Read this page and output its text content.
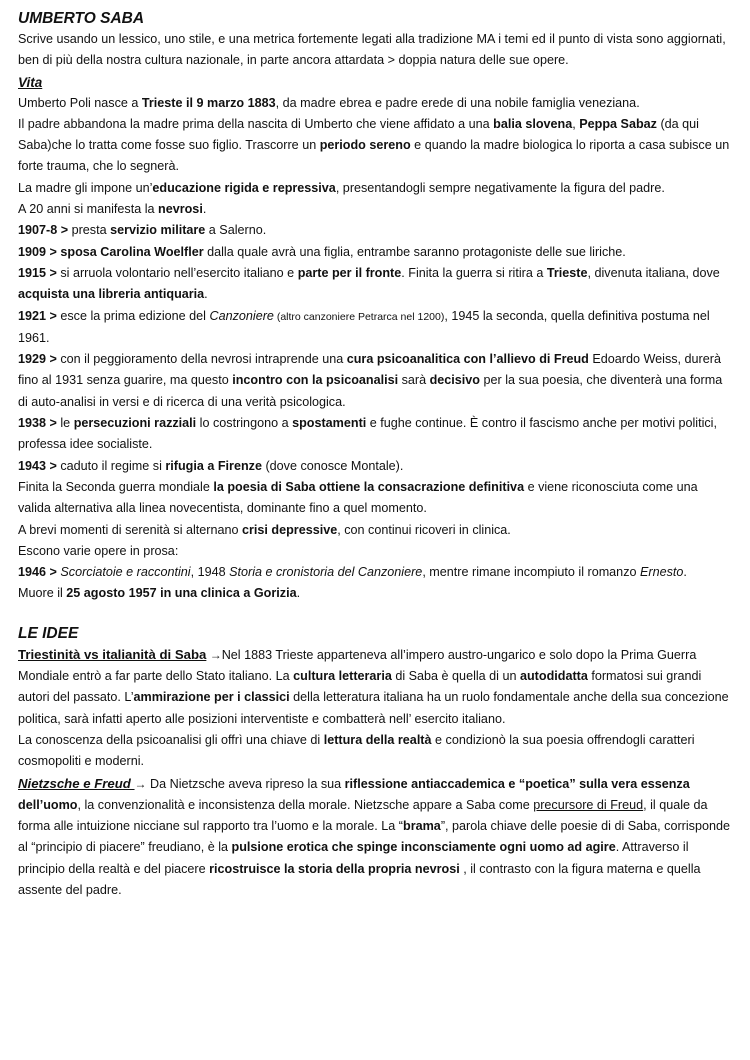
UMBERTO SABA

Scrive usando un lessico, uno stile, e una metrica fortemente legati alla tradizione MA i temi ed il punto di vista sono aggiornati, ben di più della nostra cultura nazionale, in parte ancora attardata > doppia natura delle sue opere.

Vita

Umberto Poli nasce a Trieste il 9 marzo 1883, da madre ebrea e padre erede di una nobile famiglia veneziana.

Il padre abbandona la madre prima della nascita di Umberto che viene affidato a una balia slovena, Peppa Sabaz (da qui Saba)che lo tratta come fosse suo figlio. Trascorre un periodo sereno e quando la madre biologica lo riporta a casa subisce un forte trauma, che lo segnerà.

La madre gli impone un’educazione rigida e repressiva, presentandogli sempre negativamente la figura del padre.

A 20 anni si manifesta la nevrosi.

1907-8 > presta servizio militare a Salerno.

1909 > sposa Carolina Woelfler dalla quale avrà una figlia, entrambe saranno protagoniste delle sue liriche.

1915 > si arruola volontario nell’esercito italiano e parte per il fronte. Finita la guerra si ritira a Trieste, divenuta italiana, dove acquista una libreria antiquaria.

1921 > esce la prima edizione del Canzoniere (altro canzoniere Petrarca nel 1200), 1945 la seconda, quella definitiva postuma nel 1961.

1929 > con il peggioramento della nevrosi intraprende una cura psicoanalitica con l’allievo di Freud Edoardo Weiss, durerà fino al 1931 senza guarire, ma questo incontro con la psicoanalisi sarà decisivo per la sua poesia, che diventerà una forma di auto-analisi in versi e di ricerca di una verità psicologica.

1938 > le persecuzioni razziali lo costringono a spostamenti e fughe continue. È contro il fascismo anche per motivi politici, professa idee socialiste.

1943 > caduto il regime si rifugia a Firenze (dove conosce Montale).

Finita la Seconda guerra mondiale la poesia di Saba ottiene la consacrazione definitiva e viene riconosciuta come una valida alternativa alla linea novecentista, dominante fino a quel momento.

A brevi momenti di serenità si alternano crisi depressive, con continui ricoveri in clinica.

Escono varie opere in prosa:

1946 > Scorciatoie e raccontini, 1948 Storia e cronistoria del Canzoniere, mentre rimane incompiuto il romanzo Ernesto.

Muore il 25 agosto 1957 in una clinica a Gorizia.

LE IDEE

Triestinità vs italianità di Saba →Nel 1883 Trieste apparteneva all’impero austro-ungarico e solo dopo la Prima Guerra Mondiale entrò a far parte dello Stato italiano. La cultura letteraria di Saba è quella di un autodidatta formatosi sui grandi autori del passato. L’ammirazione per i classici della letteratura italiana ha un ruolo fondamentale anche della sua concezione politica, sarà infatti aperto alle posizioni interventiste e combatterà nell’ esercito italiano.

La conoscenza della psicoanalisi gli offrì una chiave di lettura della realtà e condizionò la sua poesia offrendogli caratteri cosmopoliti e moderni.

Nietzsche e Freud → Da Nietzsche aveva ripreso la sua riflessione antiaccademica e “poetica” sulla vera essenza dell’uomo, la convenzionalità e inconsistenza della morale. Nietzsche appare a Saba come precursore di Freud, il quale da forma alle intuizione nicciane sul rapporto tra l’uomo e la morale. La “brama”, parola chiave delle poesie di di Saba, corrisponde al “principio di piacere” freudiano, è la pulsione erotica che spinge inconsciamente ogni uomo ad agire. Attraverso il principio della realtà e del piacere ricostruisce la storia della propria nevrosi , il contrasto con la figura materna e quella assente del padre.
